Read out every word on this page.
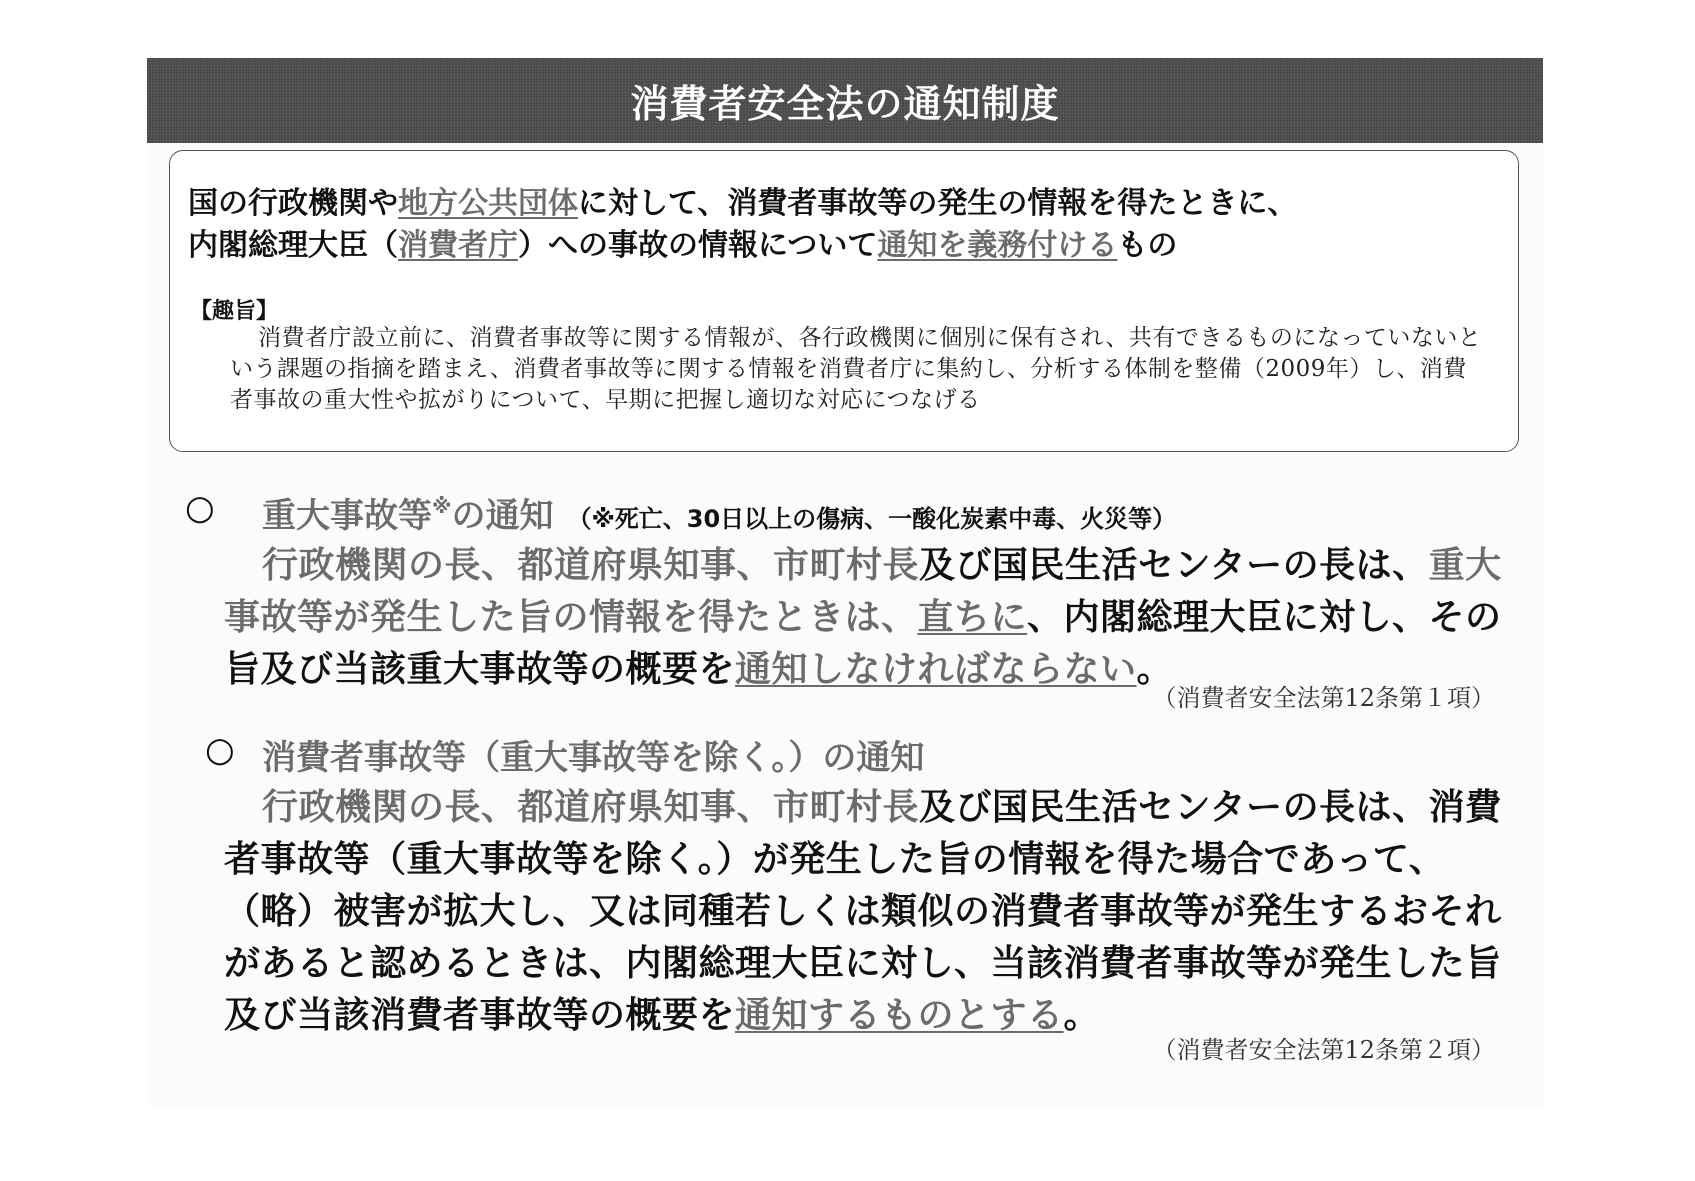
消費者安全法の通知制度
国の行政機関や地方公共団体に対して、消費者事故等の発生の情報を得たときに、
内閣総理大臣（消費者庁）への事故の情報について通知を義務付けるもの
【趣旨】
消費者庁設立前に、消費者事故等に関する情報が、各行政機関に個別に保有され、共有できるものになっていないという課題の指摘を踏まえ、消費者事故等に関する情報を消費者庁に集約し、分析する体制を整備（2009年）し、消費者事故の重大性や拡がりについて、早期に把握し適切な対応につなげる
○ 重大事故等※の通知 （※死亡、30日以上の傷病、一酸化炭素中毒、火災等）
行政機関の長、都道府県知事、市町村長及び国民生活センターの長は、重大事故等が発生した旨の情報を得たときは、直ちに、内閣総理大臣に対し、その旨及び当該重大事故等の概要を通知しなければならない。
（消費者安全法第12条第１項）
○ 消費者事故等（重大事故等を除く。）の通知
行政機関の長、都道府県知事、市町村長及び国民生活センターの長は、消費者事故等（重大事故等を除く。）が発生した旨の情報を得た場合であって、（略）被害が拡大し、又は同種若しくは類似の消費者事故等が発生するおそれがあると認めるときは、内閣総理大臣に対し、当該消費者事故等が発生した旨及び当該消費者事故等の概要を通知するものとする。
（消費者安全法第12条第２項）
